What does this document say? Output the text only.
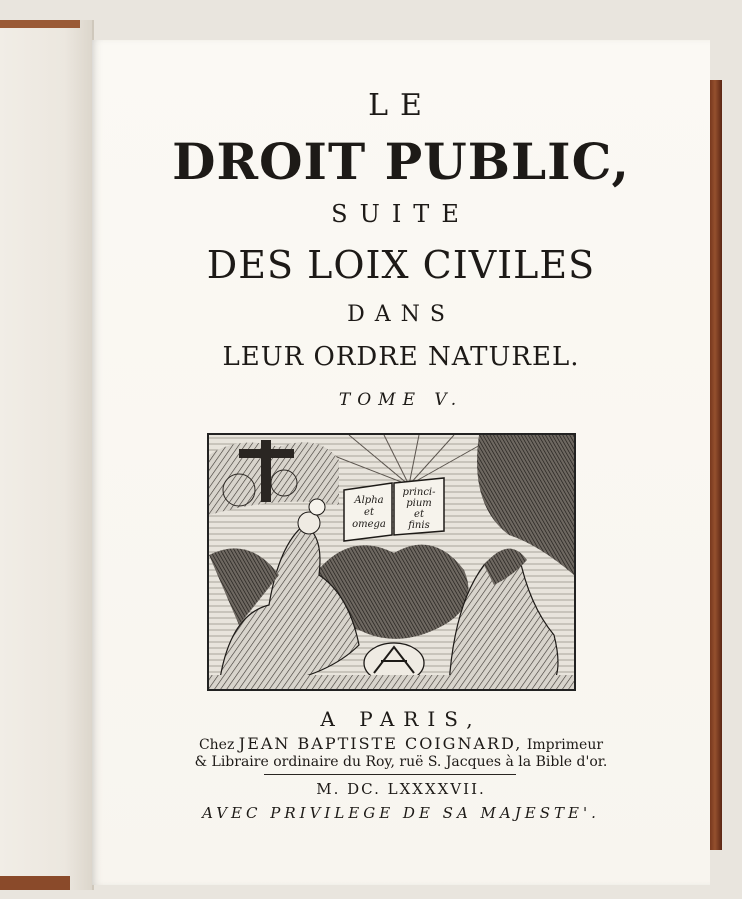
LE

DROIT PUBLIC,

SUITE

DES LOIX CIVILES

DANS

LEUR ORDRE NATUREL.

TOME V.

Alpha
et
omega
princi-
pium
et
finis

A PARIS,

Chez JEAN BAPTISTE COIGNARD, Imprimeur

& Libraire ordinaire du Roy, ruë S. Jacques à la Bible d'or.

M. DC. LXXXXVII.

AVEC PRIVILEGE DE SA MAJESTE'.
